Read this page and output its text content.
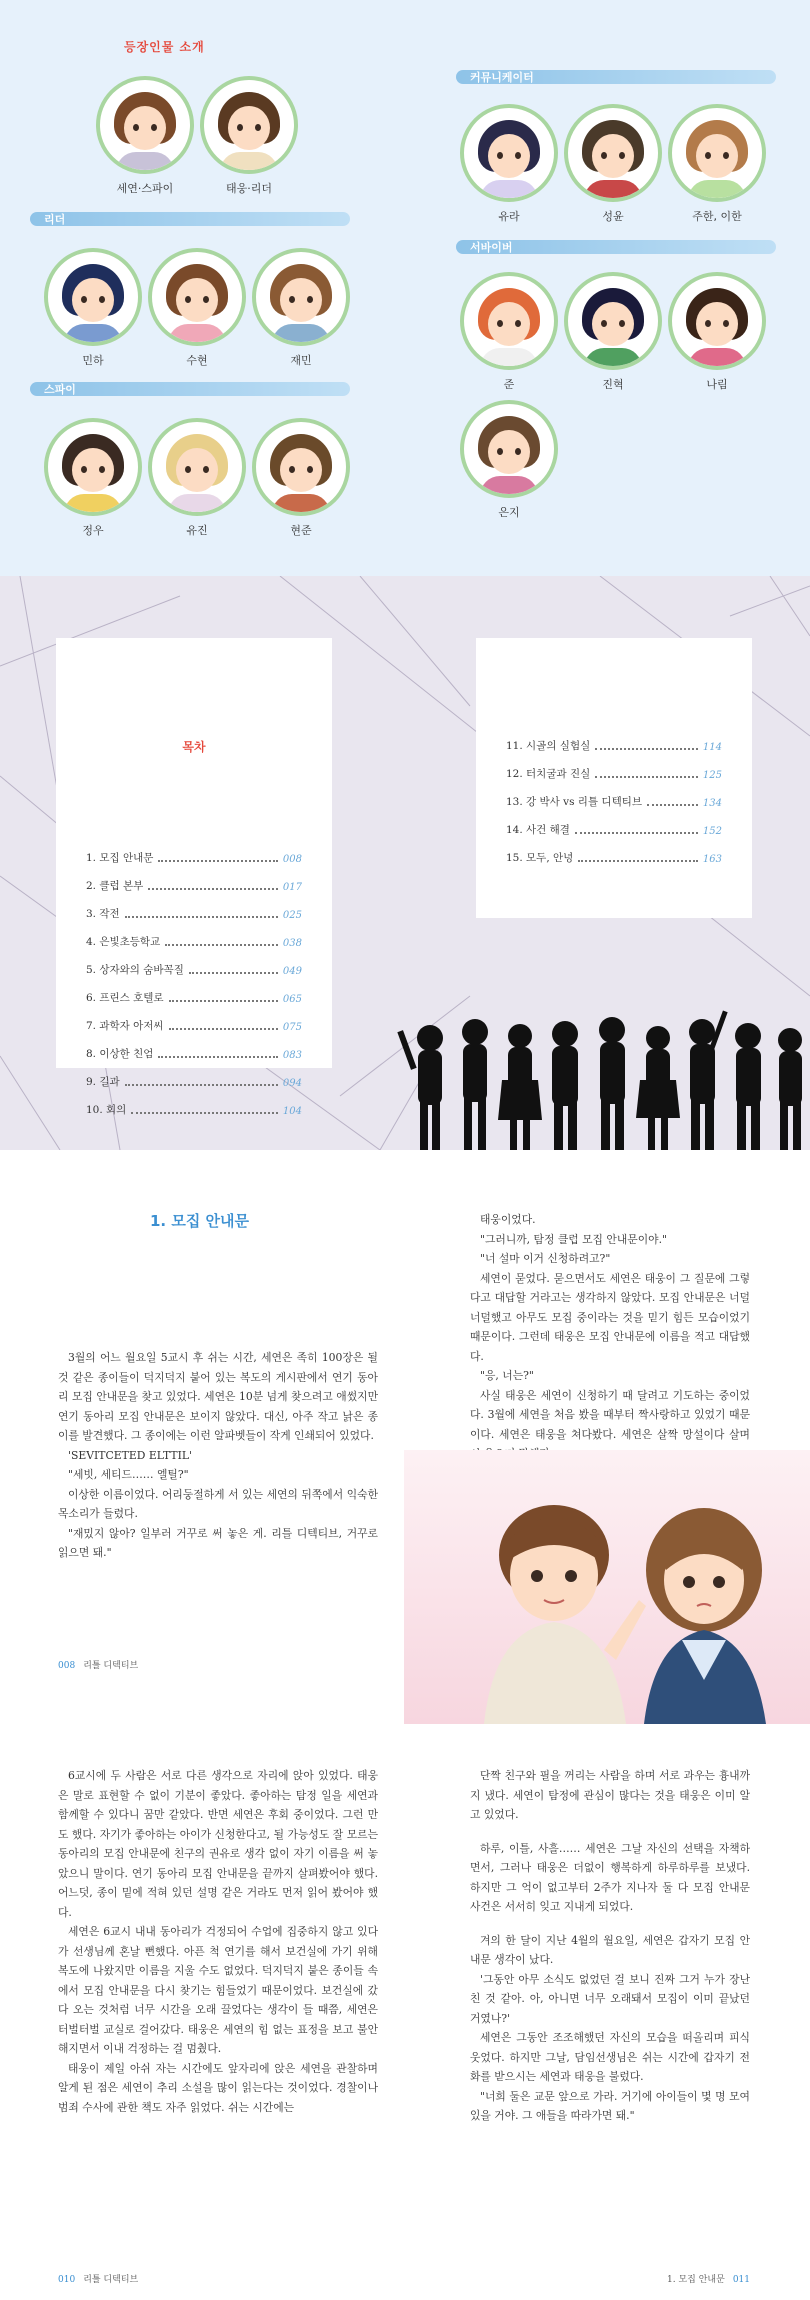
등장인물 소개
세연·스파이	태웅·리더
리더
민하	수현	재민
스파이
정우	유진	현준
커뮤니케이터
유라	성윤	주한, 이한
서바이버
준	진혁	나림
은지
목차
1. 모집 안내문	008
2. 클럽 본부	017
3. 작전	025
4. 은빛초등학교	038
5. 상자와의 숨바꼭질	049
6. 프린스 호텔로	065
7. 과학자 아저씨	075
8. 이상한 친엄	083
9. 길과	094
10. 회의	104
11. 시골의 실험실	114
12. 터치굴과 진실	125
13. 강 박사 vs 리틀 디텍티브	134
14. 사건 해결	152
15. 모두, 안녕	163
1. 모집 안내문

3월의 어느 월요일 5교시 후 쉬는 시간, 세연은 족히 100장은 될 것 같은 종이들이 덕지덕지 붙어 있는 복도의 게시판에서 연기 동아리 모집 안내문을 찾고 있었다. 세연은 10분 넘게 찾으려고 애썼지만 연기 동아리 모집 안내문은 보이지 않았다. 대신, 아주 작고 낡은 종이를 발견했다. 그 종이에는 이런 알파벳들이 작게 인쇄되어 있었다.

'SEVITCETED ELTTIL'

"세빗, 세티드…… 엘틸?"

이상한 이름이었다. 어리둥절하게 서 있는 세연의 뒤쪽에서 익숙한 목소리가 들렸다.

"재밌지 않아? 일부러 거꾸로 써 놓은 게. 리틀 디텍티브, 거꾸로 읽으면 돼."

008 리틀 디텍티브

태웅이었다.

"그러니까, 탐정 클럽 모집 안내문이야."

"너 설마 이거 신청하려고?"

세연이 묻었다. 묻으면서도 세연은 태웅이 그 질문에 그렇다고 대답할 거라고는 생각하지 않았다. 모집 안내문은 너덜너덜했고 아무도 모집 중이라는 것을 믿기 힘든 모습이었기 때문이다. 그런데 태웅은 모집 안내문에 이름을 적고 대답했다.

"응, 너는?"

사실 태웅은 세연이 신청하기 때 달려고 기도하는 중이었다. 3월에 세연을 처음 봤을 때부터 짝사랑하고 있었기 때문이다. 세연은 태웅을 쳐다봤다. 세연은 살짝 망설이다 살며

6교시에 두 사람은 서로 다른 생각으로 자리에 앉아 있었다. 태웅은 말로 표현할 수 없이 기분이 좋았다. 좋아하는 탐정 일을 세연과 함께할 수 있다니 꿈만 같았다. 반면 세연은 후회 중이었다. 그런 만도 했다. 자기가 좋아하는 아이가 신청한다고, 될 가능성도 잘 모르는 동아리의 모집 안내문에 친구의 권유로 생각 없이 자기 이름을 써 놓았으니 말이다. 연기 동아리 모집 안내문을 끝까지 살펴봤어야 했다. 어느덧, 종이 밑에 적혀 있던 설명 같은 거라도 먼저 읽어 봤어야 했다.

세연은 6교시 내내 동아리가 걱정되어 수업에 집중하지 않고 있다가 선생님께 혼날 뻔했다. 아픈 척 연기를 해서 보건실에 가기 위해 복도에 나왔지만 이름을 지울 수도 없었다. 덕지덕지 붙은 종이들 속에서 모집 안내문을 다시 찾기는 힘들었기 때문이었다. 보건실에 갔다 오는 것처럼 너무 시간을 오래 끌었다는 생각이 들 때쯤, 세연은 터벌터벌 교실로 걸어갔다. 태웅은 세연의 힘 없는 표정을 보고 불안해지면서 이내 걱정하는 걸 멈췄다.

태웅이 제일 아쉬 자는 시간에도 앞자리에 앉은 세연을 관찰하며 알게 된 점은 세연이 추리 소설을 많이 읽는다는 것이었다. 경찰이나 범죄 수사에 관한 책도 자주 읽었다. 쉬는 시간에는

단짝 친구와 필을 꺼리는 사람을 하며 서로 과우는 흉내까지 냈다. 세연이 탐정에 관심이 많다는 것을 태웅은 이미 알고 있었다.

하루, 이틀, 사흘…… 세연은 그날 자신의 선택을 자책하면서, 그러나 태웅은 더없이 행복하게 하루하루를 보냈다. 하지만 그 억이 없고부터 2주가 지나자 둘 다 모집 안내문 사건은 서서히 잊고 지내게 되었다.

겨의 한 달이 지난 4월의 월요일, 세연은 갑자기 모집 안내문 생각이 났다.

'그동안 아무 소식도 없었던 걸 보니 진짜 그거 누가 장난친 것 같아. 아, 아니면 너무 오래돼서 모집이 이미 끝났던 거였나?'

세연은 그동안 조조해했던 자신의 모습을 떠올리며 피식 웃었다. 하지만 그날, 담임선생님은 쉬는 시간에 갑자기 전화를 받으시는 세연과 태웅을 불렀다.

"너희 둘은 교문 앞으로 가라. 거기에 아이들이 몇 명 모여 있을 거야. 그 애들을 따라가면 돼."

010 리틀 디텍티브	1. 모집 안내문 011
